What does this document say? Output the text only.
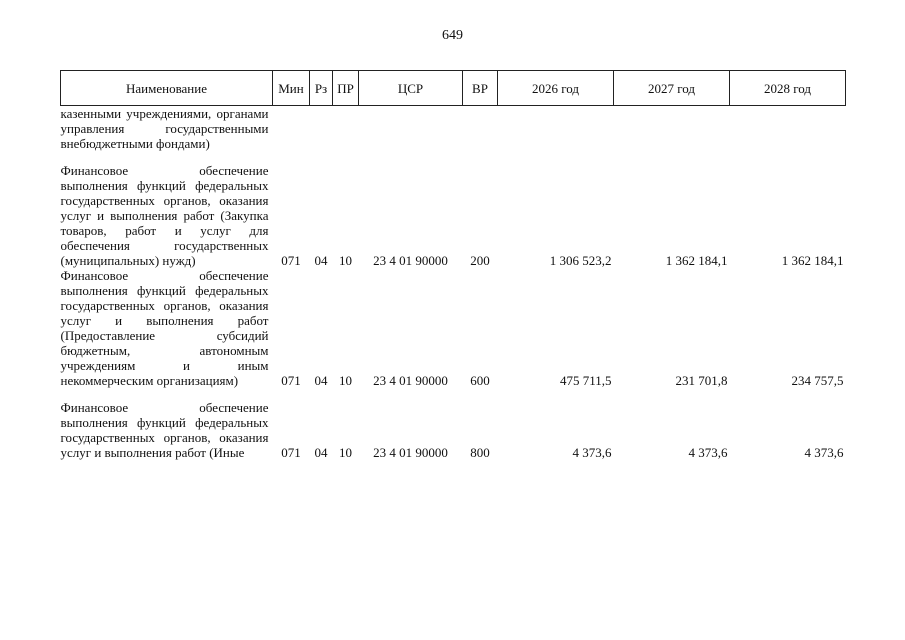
649
Наименование	Мин	Рз	ПР	ЦСР	ВР	2026 год	2027 год	2028 год
казенными учреждениями, органами управления государственными внебюджетными фондами)								

Финансовое обеспечение выполнения функций федеральных государственных органов, оказания услуг и выполнения работ (Закупка товаров, работ и услуг для обеспечения государственных (муниципальных) нужд)	071	04	10	23 4 01 90000	200	1 306 523,2	1 362 184,1	1 362 184,1
Финансовое обеспечение выполнения функций федеральных государственных органов, оказания услуг и выполнения работ (Предоставление субсидий бюджетным, автономным учреждениям и иным некоммерческим организациям)	071	04	10	23 4 01 90000	600	475 711,5	231 701,8	234 757,5

Финансовое обеспечение выполнения функций федеральных государственных органов, оказания услуг и выполнения работ (Иные	071	04	10	23 4 01 90000	800	4 373,6	4 373,6	4 373,6
